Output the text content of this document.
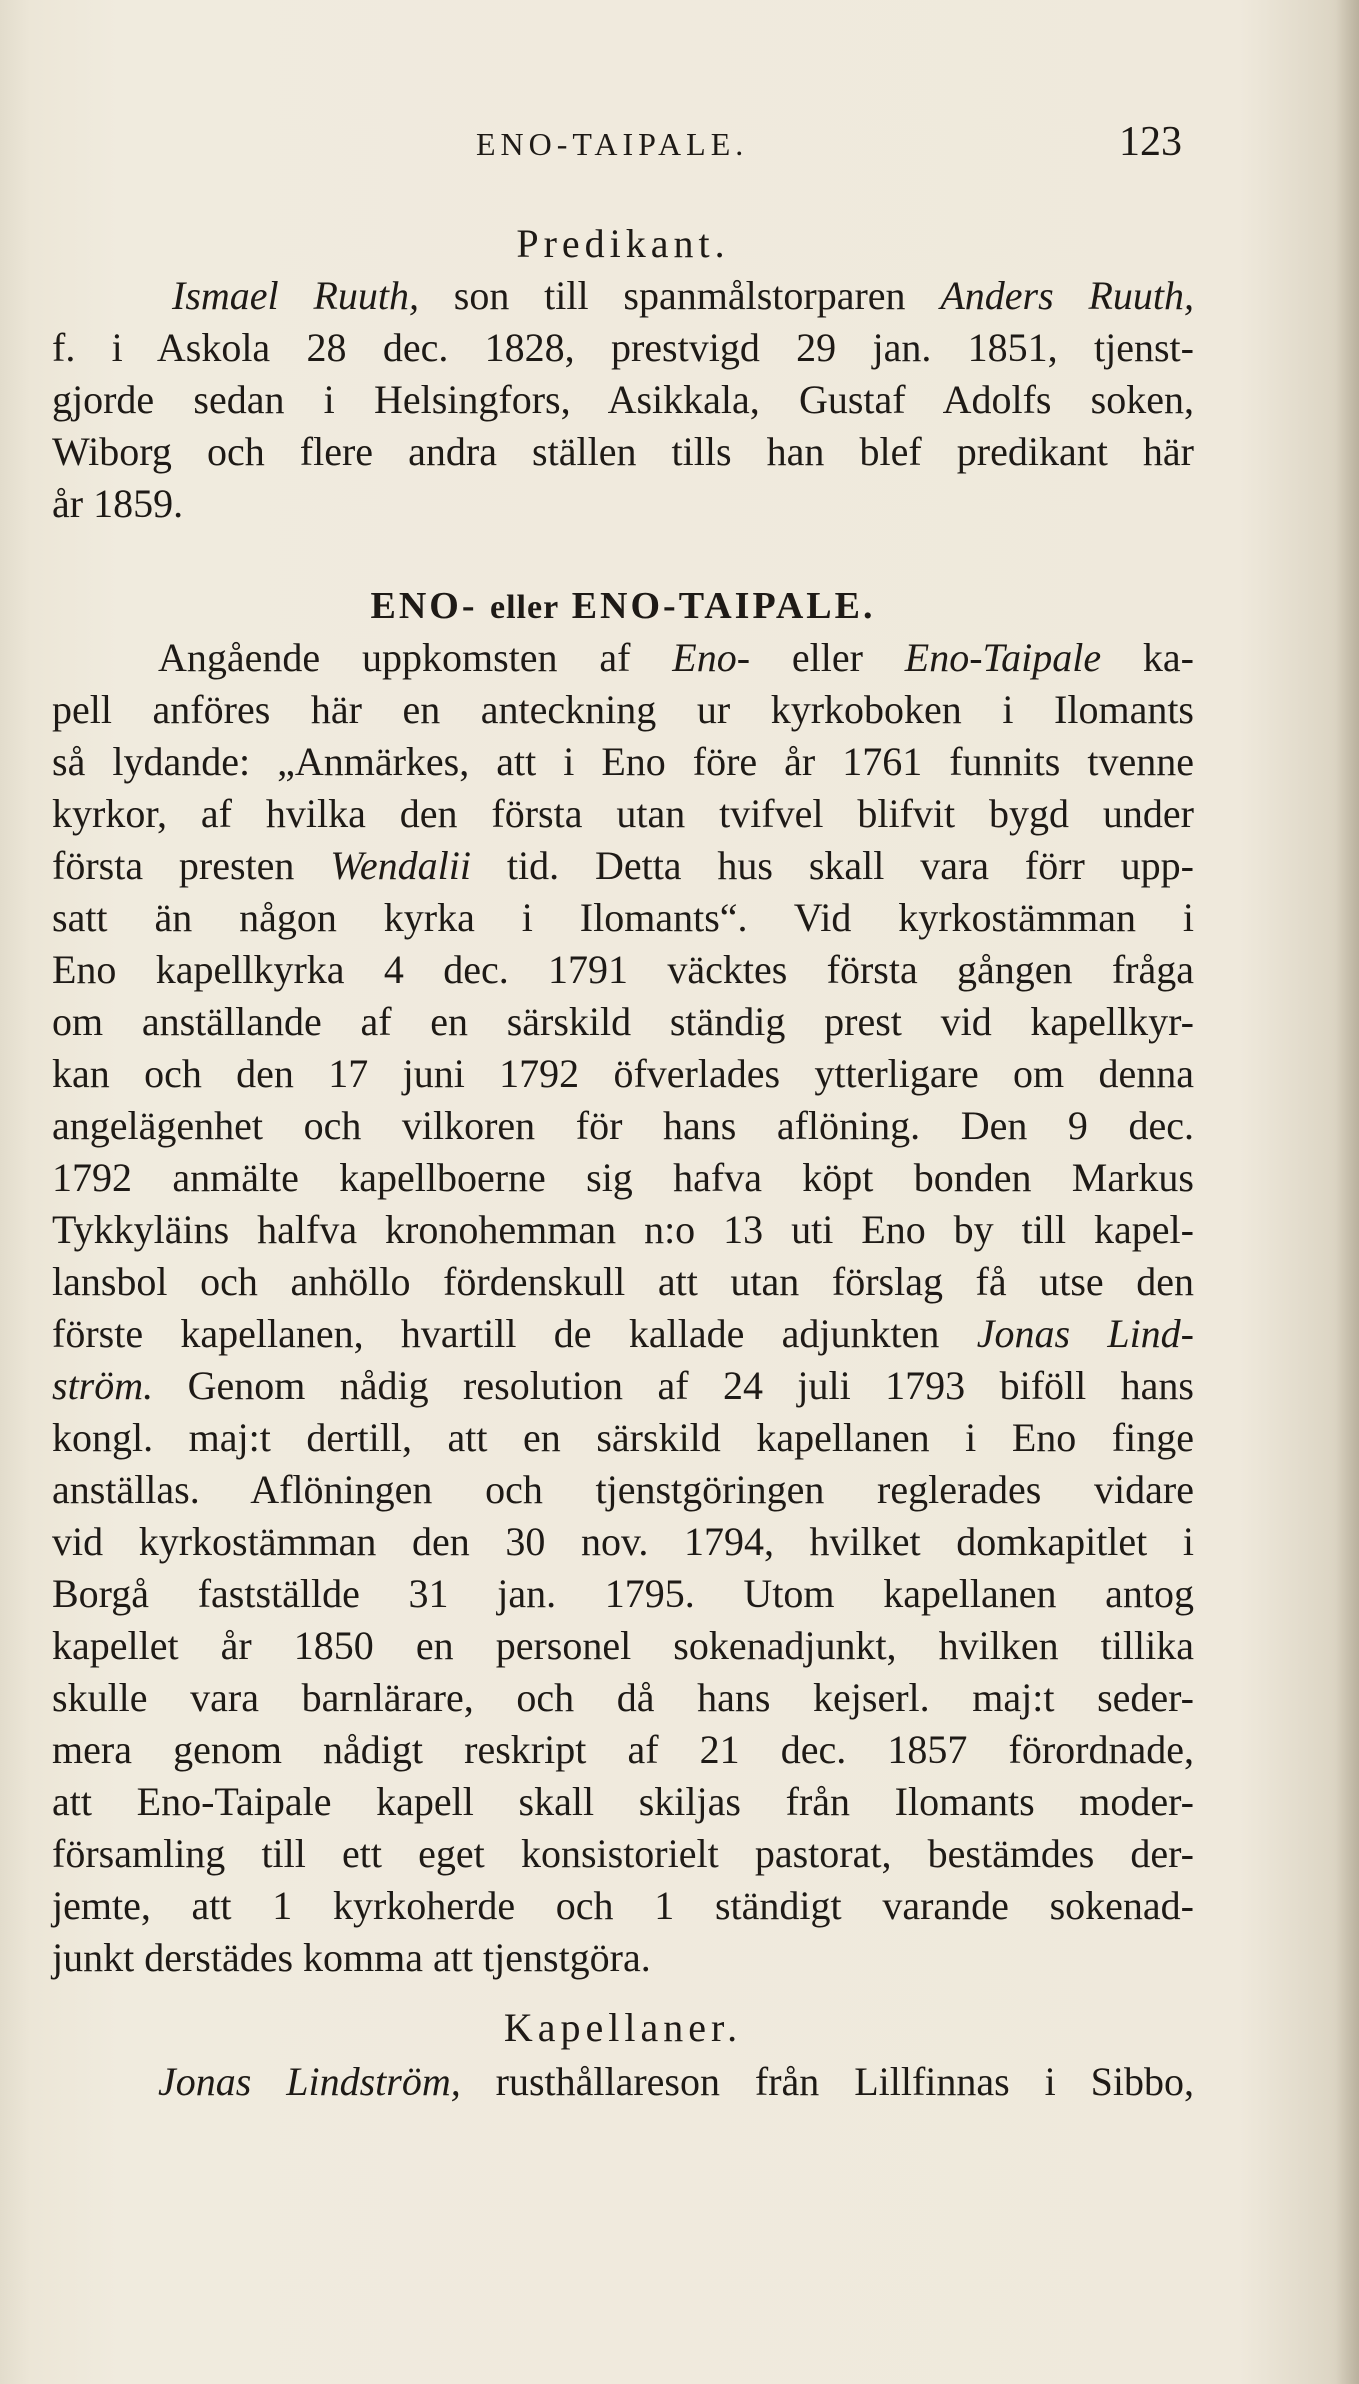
ENO-TAIPALE.	123
Predikant.
Ismael Ruuth, son till spanmålstorparen Anders Ruuth,
f. i Askola 28 dec. 1828, prestvigd 29 jan. 1851, tjenst-
gjorde sedan i Helsingfors, Asikkala, Gustaf Adolfs soken,
Wiborg och flere andra ställen tills han blef predikant här
år 1859.
ENO- eller ENO-TAIPALE.
Angående uppkomsten af Eno- eller Eno-Taipale ka-
pell anföres här en anteckning ur kyrkoboken i Ilomants
så lydande: „Anmärkes, att i Eno före år 1761 funnits tvenne
kyrkor, af hvilka den första utan tvifvel blifvit bygd under
första presten Wendalii tid. Detta hus skall vara förr upp-
satt än någon kyrka i Ilomants“. Vid kyrkostämman i
Eno kapellkyrka 4 dec. 1791 väcktes första gången fråga
om anställande af en särskild ständig prest vid kapellkyr-
kan och den 17 juni 1792 öfverlades ytterligare om denna
angelägenhet och vilkoren för hans aflöning. Den 9 dec.
1792 anmälte kapellboerne sig hafva köpt bonden Markus
Tykkyläins halfva kronohemman n:o 13 uti Eno by till kapel-
lansbol och anhöllo fördenskull att utan förslag få utse den
förste kapellanen, hvartill de kallade adjunkten Jonas Lind-
ström. Genom nådig resolution af 24 juli 1793 biföll hans
kongl. maj:t dertill, att en särskild kapellanen i Eno finge
anställas. Aflöningen och tjenstgöringen reglerades vidare
vid kyrkostämman den 30 nov. 1794, hvilket domkapitlet i
Borgå fastställde 31 jan. 1795. Utom kapellanen antog
kapellet år 1850 en personel sokenadjunkt, hvilken tillika
skulle vara barnlärare, och då hans kejserl. maj:t seder-
mera genom nådigt reskript af 21 dec. 1857 förordnade,
att Eno-Taipale kapell skall skiljas från Ilomants moder-
församling till ett eget konsistorielt pastorat, bestämdes der-
jemte, att 1 kyrkoherde och 1 ständigt varande sokenad-
junkt derstädes komma att tjenstgöra.
Kapellaner.
Jonas Lindström, rusthållareson från Lillfinnas i Sibbo,
